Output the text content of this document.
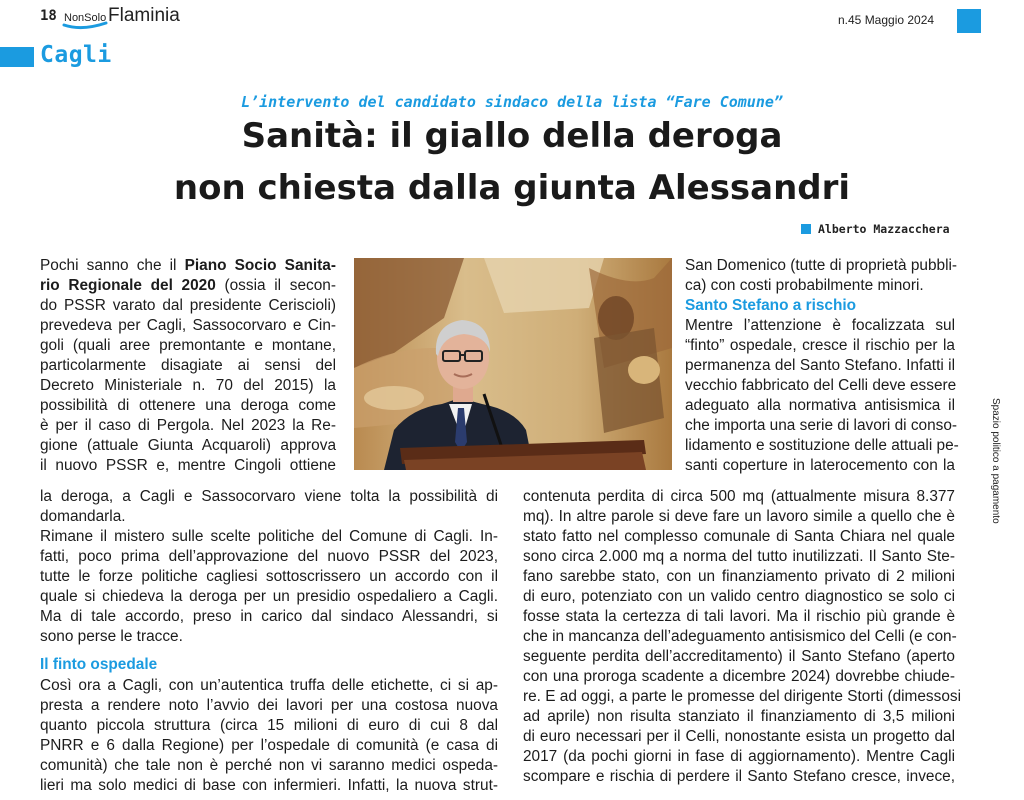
18 NonSolo Flaminia	n.45 Maggio 2024
Cagli
L’intervento del candidato sindaco della lista “Fare Comune”
Sanità: il giallo della deroga
non chiesta dalla giunta Alessandri
Alberto Mazzacchera
Pochi sanno che il Piano Socio Sanita-
rio Regionale del 2020 (ossia il secon-
do PSSR varato dal presidente Ceriscioli)
prevedeva per Cagli, Sassocorvaro e Cin-
goli (quali aree premontante e montane,
particolarmente disagiate ai sensi del
Decreto Ministeriale n. 70 del 2015) la
possibilità di ottenere una deroga come
è per il caso di Pergola. Nel 2023 la Re-
gione (attuale Giunta Acquaroli) approva
il nuovo PSSR e, mentre Cingoli ottiene
la deroga, a Cagli e Sassocorvaro viene tolta la possibilità di
domandarla.
Rimane il mistero sulle scelte politiche del Comune di Cagli. In-
fatti, poco prima dell’approvazione del nuovo PSSR del 2023,
tutte le forze politiche cagliesi sottoscrissero un accordo con il
quale si chiedeva la deroga per un presidio ospedaliero a Cagli.
Ma di tale accordo, preso in carico dal sindaco Alessandri, si
sono perse le tracce.
Il finto ospedale
Così ora a Cagli, con un’autentica truffa delle etichette, ci si ap-
presta a rendere noto l’avvio dei lavori per una costosa nuova
quanto piccola struttura (circa 15 milioni di euro di cui 8 dal
PNRR e 6 dalla Regione) per l’ospedale di comunità (e casa di
comunità) che tale non è perché non vi saranno medici ospeda-
lieri ma solo medici di base con infermieri. Infatti, la nuova strut-
San Domenico (tutte di proprietà pubbli-
ca) con costi probabilmente minori.
Santo Stefano a rischio
Mentre l’attenzione è focalizzata sul
“finto” ospedale, cresce il rischio per la
permanenza del Santo Stefano. Infatti il
vecchio fabbricato del Celli deve essere
adeguato alla normativa antisismica il
che importa una serie di lavori di conso-
lidamento e sostituzione delle attuali pe-
santi coperture in laterocemento con la
contenuta perdita di circa 500 mq (attualmente misura 8.377
mq). In altre parole si deve fare un lavoro simile a quello che è
stato fatto nel complesso comunale di Santa Chiara nel quale
sono circa 2.000 mq a norma del tutto inutilizzati. Il Santo Ste-
fano sarebbe stato, con un finanziamento privato di 2 milioni
di euro, potenziato con un valido centro diagnostico se solo ci
fosse stata la certezza di tali lavori. Ma il rischio più grande è
che in mancanza dell’adeguamento antisismico del Celli (e con-
seguente perdita dell’accreditamento) il Santo Stefano (aperto
con una proroga scadente a dicembre 2024) dovrebbe chiude-
re. E ad oggi, a parte le promesse del dirigente Storti (dimessosi
ad aprile) non risulta stanziato il finanziamento di 3,5 milioni
di euro necessari per il Celli, nonostante esista un progetto dal
2017 (da pochi giorni in fase di aggiornamento). Mentre Cagli
scompare e rischia di perdere il Santo Stefano cresce, invece,
Spazio politico a pagamento
